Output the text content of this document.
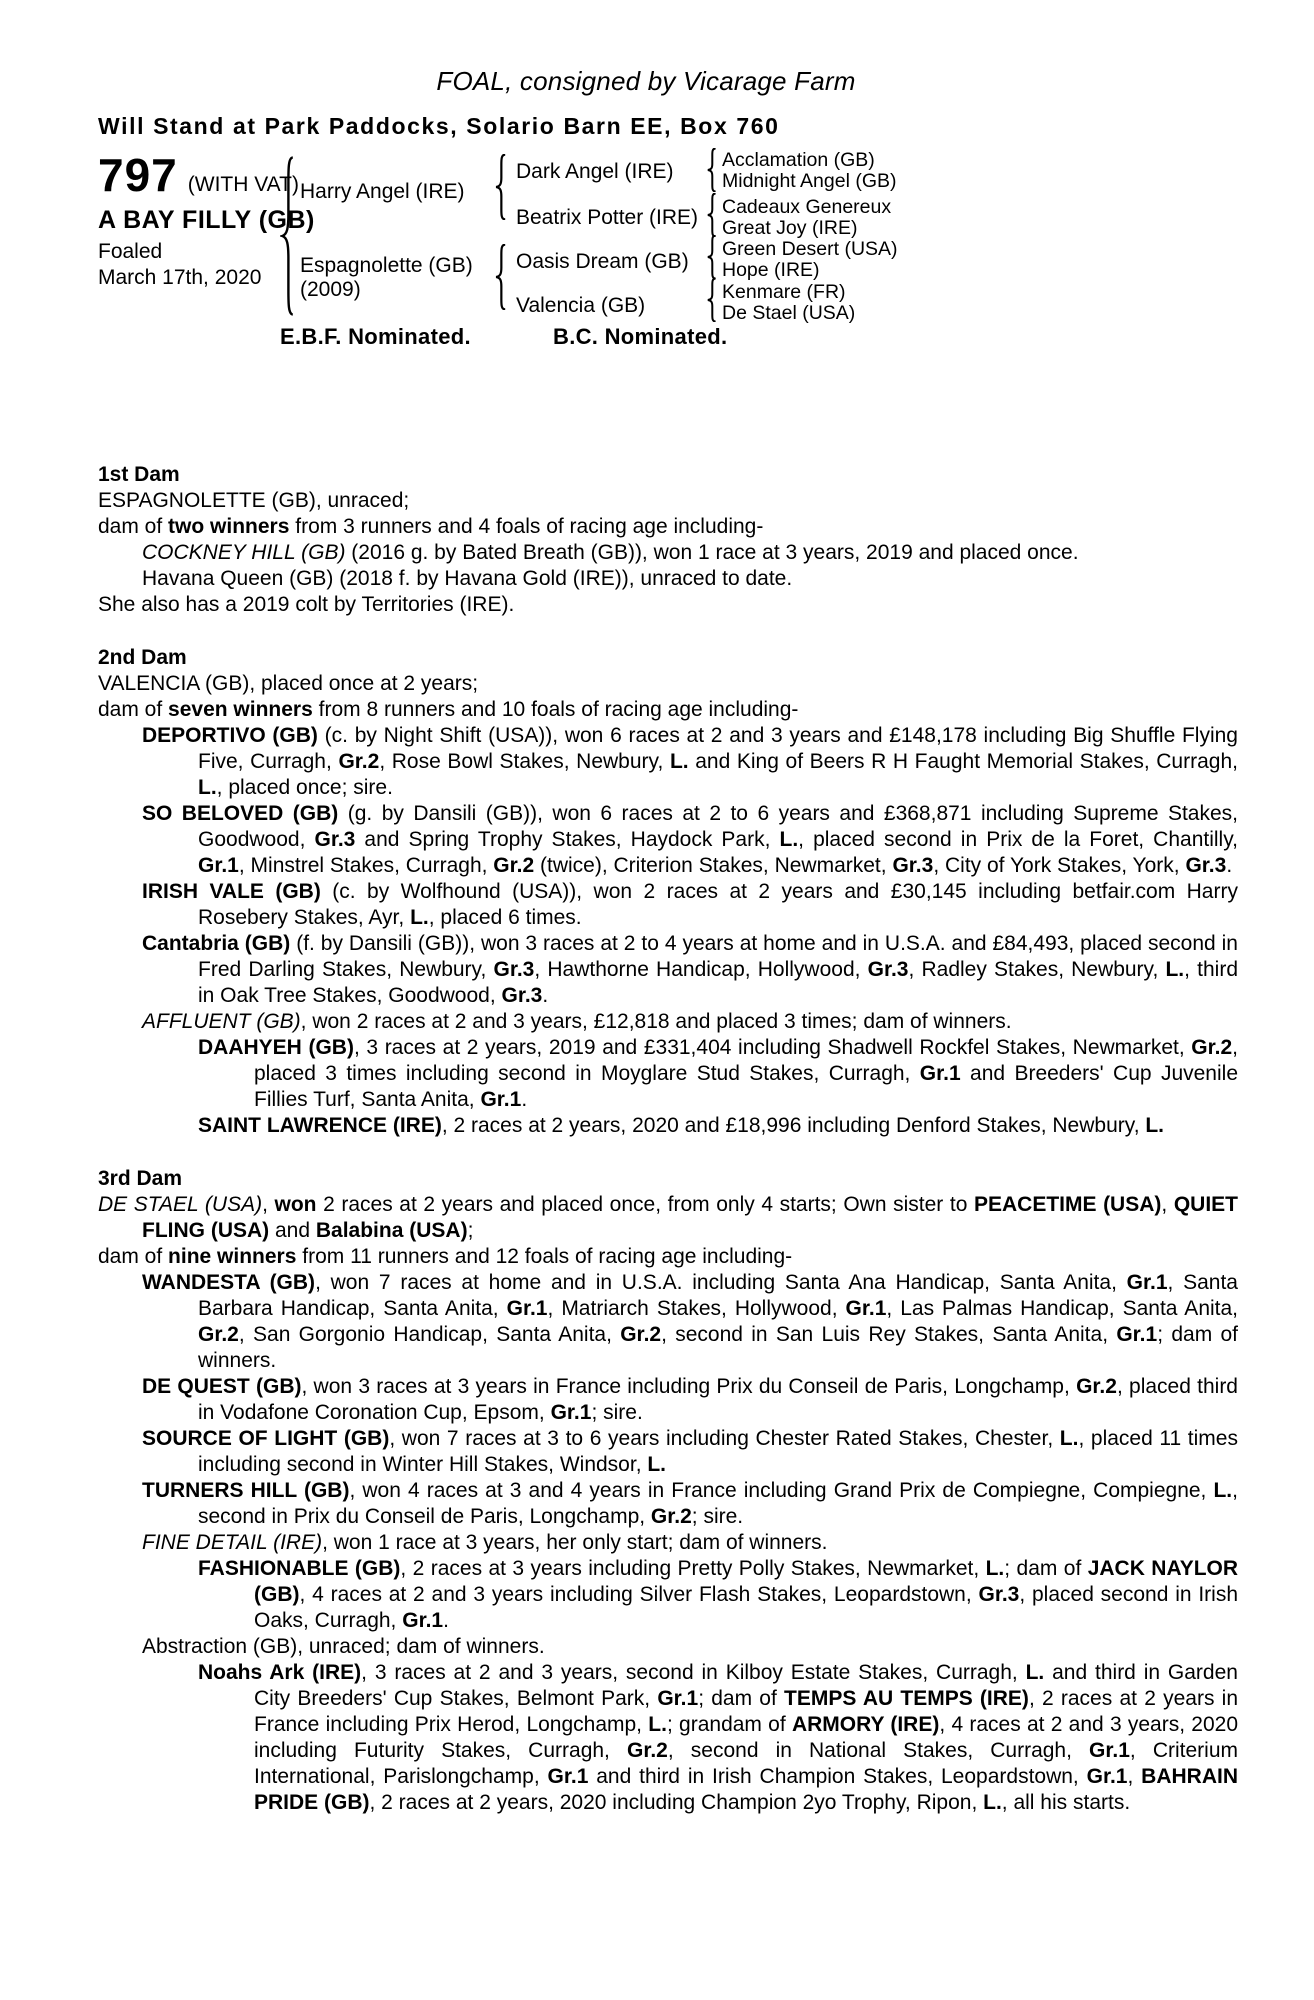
FOAL, consigned by Vicarage Farm
Will Stand at Park Paddocks, Solario Barn EE, Box 760
797 (WITH VAT)
A BAY FILLY (GB)
Foaled
March 17th, 2020
Harry Angel (IRE)
Espagnolette (GB)
(2009)
Dark Angel (IRE)
Beatrix Potter (IRE)
Oasis Dream (GB)
Valencia (GB)
Acclamation (GB)
Midnight Angel (GB)
Cadeaux Genereux
Great Joy (IRE)
Green Desert (USA)
Hope (IRE)
Kenmare (FR)
De Stael (USA)
E.B.F. Nominated.	B.C. Nominated.
1st Dam

ESPAGNOLETTE (GB), unraced;

dam of two winners from 3 runners and 4 foals of racing age including-

COCKNEY HILL (GB) (2016 g. by Bated Breath (GB)), won 1 race at 3 years, 2019 and placed once.

Havana Queen (GB) (2018 f. by Havana Gold (IRE)), unraced to date.

She also has a 2019 colt by Territories (IRE).

2nd Dam

VALENCIA (GB), placed once at 2 years;

dam of seven winners from 8 runners and 10 foals of racing age including-

DEPORTIVO (GB) (c. by Night Shift (USA)), won 6 races at 2 and 3 years and £148,178 including Big Shuffle Flying Five, Curragh, Gr.2, Rose Bowl Stakes, Newbury, L. and King of Beers R H Faught Memorial Stakes, Curragh, L., placed once; sire.

SO BELOVED (GB) (g. by Dansili (GB)), won 6 races at 2 to 6 years and £368,871 including Supreme Stakes, Goodwood, Gr.3 and Spring Trophy Stakes, Haydock Park, L., placed second in Prix de la Foret, Chantilly, Gr.1, Minstrel Stakes, Curragh, Gr.2 (twice), Criterion Stakes, Newmarket, Gr.3, City of York Stakes, York, Gr.3.

IRISH VALE (GB) (c. by Wolfhound (USA)), won 2 races at 2 years and £30,145 including betfair.com Harry Rosebery Stakes, Ayr, L., placed 6 times.

Cantabria (GB) (f. by Dansili (GB)), won 3 races at 2 to 4 years at home and in U.S.A. and £84,493, placed second in Fred Darling Stakes, Newbury, Gr.3, Hawthorne Handicap, Hollywood, Gr.3, Radley Stakes, Newbury, L., third in Oak Tree Stakes, Goodwood, Gr.3.

AFFLUENT (GB), won 2 races at 2 and 3 years, £12,818 and placed 3 times; dam of winners.

DAAHYEH (GB), 3 races at 2 years, 2019 and £331,404 including Shadwell Rockfel Stakes, Newmarket, Gr.2, placed 3 times including second in Moyglare Stud Stakes, Curragh, Gr.1 and Breeders' Cup Juvenile Fillies Turf, Santa Anita, Gr.1.

SAINT LAWRENCE (IRE), 2 races at 2 years, 2020 and £18,996 including Denford Stakes, Newbury, L.

3rd Dam

DE STAEL (USA), won 2 races at 2 years and placed once, from only 4 starts; Own sister to PEACETIME (USA), QUIET FLING (USA) and Balabina (USA);

dam of nine winners from 11 runners and 12 foals of racing age including-

WANDESTA (GB), won 7 races at home and in U.S.A. including Santa Ana Handicap, Santa Anita, Gr.1, Santa Barbara Handicap, Santa Anita, Gr.1, Matriarch Stakes, Hollywood, Gr.1, Las Palmas Handicap, Santa Anita, Gr.2, San Gorgonio Handicap, Santa Anita, Gr.2, second in San Luis Rey Stakes, Santa Anita, Gr.1; dam of winners.

DE QUEST (GB), won 3 races at 3 years in France including Prix du Conseil de Paris, Longchamp, Gr.2, placed third in Vodafone Coronation Cup, Epsom, Gr.1; sire.

SOURCE OF LIGHT (GB), won 7 races at 3 to 6 years including Chester Rated Stakes, Chester, L., placed 11 times including second in Winter Hill Stakes, Windsor, L.

TURNERS HILL (GB), won 4 races at 3 and 4 years in France including Grand Prix de Compiegne, Compiegne, L., second in Prix du Conseil de Paris, Longchamp, Gr.2; sire.

FINE DETAIL (IRE), won 1 race at 3 years, her only start; dam of winners.

FASHIONABLE (GB), 2 races at 3 years including Pretty Polly Stakes, Newmarket, L.; dam of JACK NAYLOR (GB), 4 races at 2 and 3 years including Silver Flash Stakes, Leopardstown, Gr.3, placed second in Irish Oaks, Curragh, Gr.1.

Abstraction (GB), unraced; dam of winners.

Noahs Ark (IRE), 3 races at 2 and 3 years, second in Kilboy Estate Stakes, Curragh, L. and third in Garden City Breeders' Cup Stakes, Belmont Park, Gr.1; dam of TEMPS AU TEMPS (IRE), 2 races at 2 years in France including Prix Herod, Longchamp, L.; grandam of ARMORY (IRE), 4 races at 2 and 3 years, 2020 including Futurity Stakes, Curragh, Gr.2, second in National Stakes, Curragh, Gr.1, Criterium International, Parislongchamp, Gr.1 and third in Irish Champion Stakes, Leopardstown, Gr.1, BAHRAIN PRIDE (GB), 2 races at 2 years, 2020 including Champion 2yo Trophy, Ripon, L., all his starts.
